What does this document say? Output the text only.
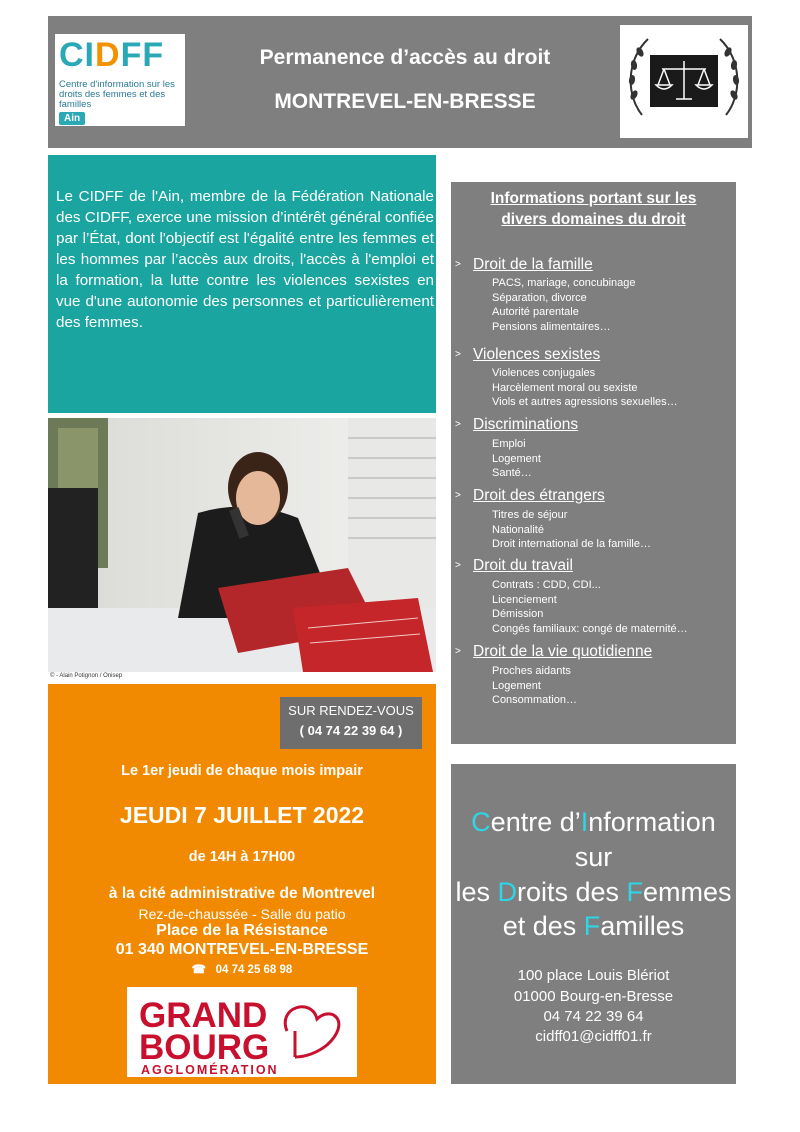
CIDFF
Centre d'information sur les droits des femmes et des familles
Ain
Permanence d’accès au droit
MONTREVEL-EN-BRESSE
Le CIDFF de l'Ain, membre de la Fédération Nationale des CIDFF, exerce une mission d’intérêt général confiée par l’État, dont l'objectif est l'égalité entre les femmes et les hommes par l’accès aux droits, l'accès à l'emploi et la formation, la lutte contre les violences sexistes en vue d'une autonomie des personnes et particulièrement des femmes.
© - Alain Potignon / Onisep
SUR RENDEZ-VOUS
( 04 74 22 39 64 )
Le 1er jeudi de chaque mois impair
JEUDI 7 JUILLET 2022
de 14H à 17H00
à la cité administrative de Montrevel
Rez-de-chaussée - Salle du patio
Place de la Résistance
01 340 MONTREVEL-EN-BRESSE
☎ 04 74 25 68 98
GRAND
BOURG
AGGLOMÉRATION
Informations portant sur les
divers domaines du droit
> Droit de la famille
PACS, mariage, concubinage
Séparation, divorce
Autorité parentale
Pensions alimentaires…
> Violences sexistes
Violences conjugales
Harcèlement moral ou sexiste
Viols et autres agressions sexuelles…
> Discriminations
Emploi
Logement
Santé…
> Droit des étrangers
Titres de séjour
Nationalité
Droit international de la famille…
> Droit du travail
Contrats : CDD, CDI...
Licenciement
Démission
Congés familiaux: congé de maternité…
> Droit de la vie quotidienne
Proches aidants
Logement
Consommation…
Centre d’Information
sur
les Droits des Femmes
et des Familles
100 place Louis Blériot
01000 Bourg-en-Bresse
04 74 22 39 64
cidff01@cidff01.fr
